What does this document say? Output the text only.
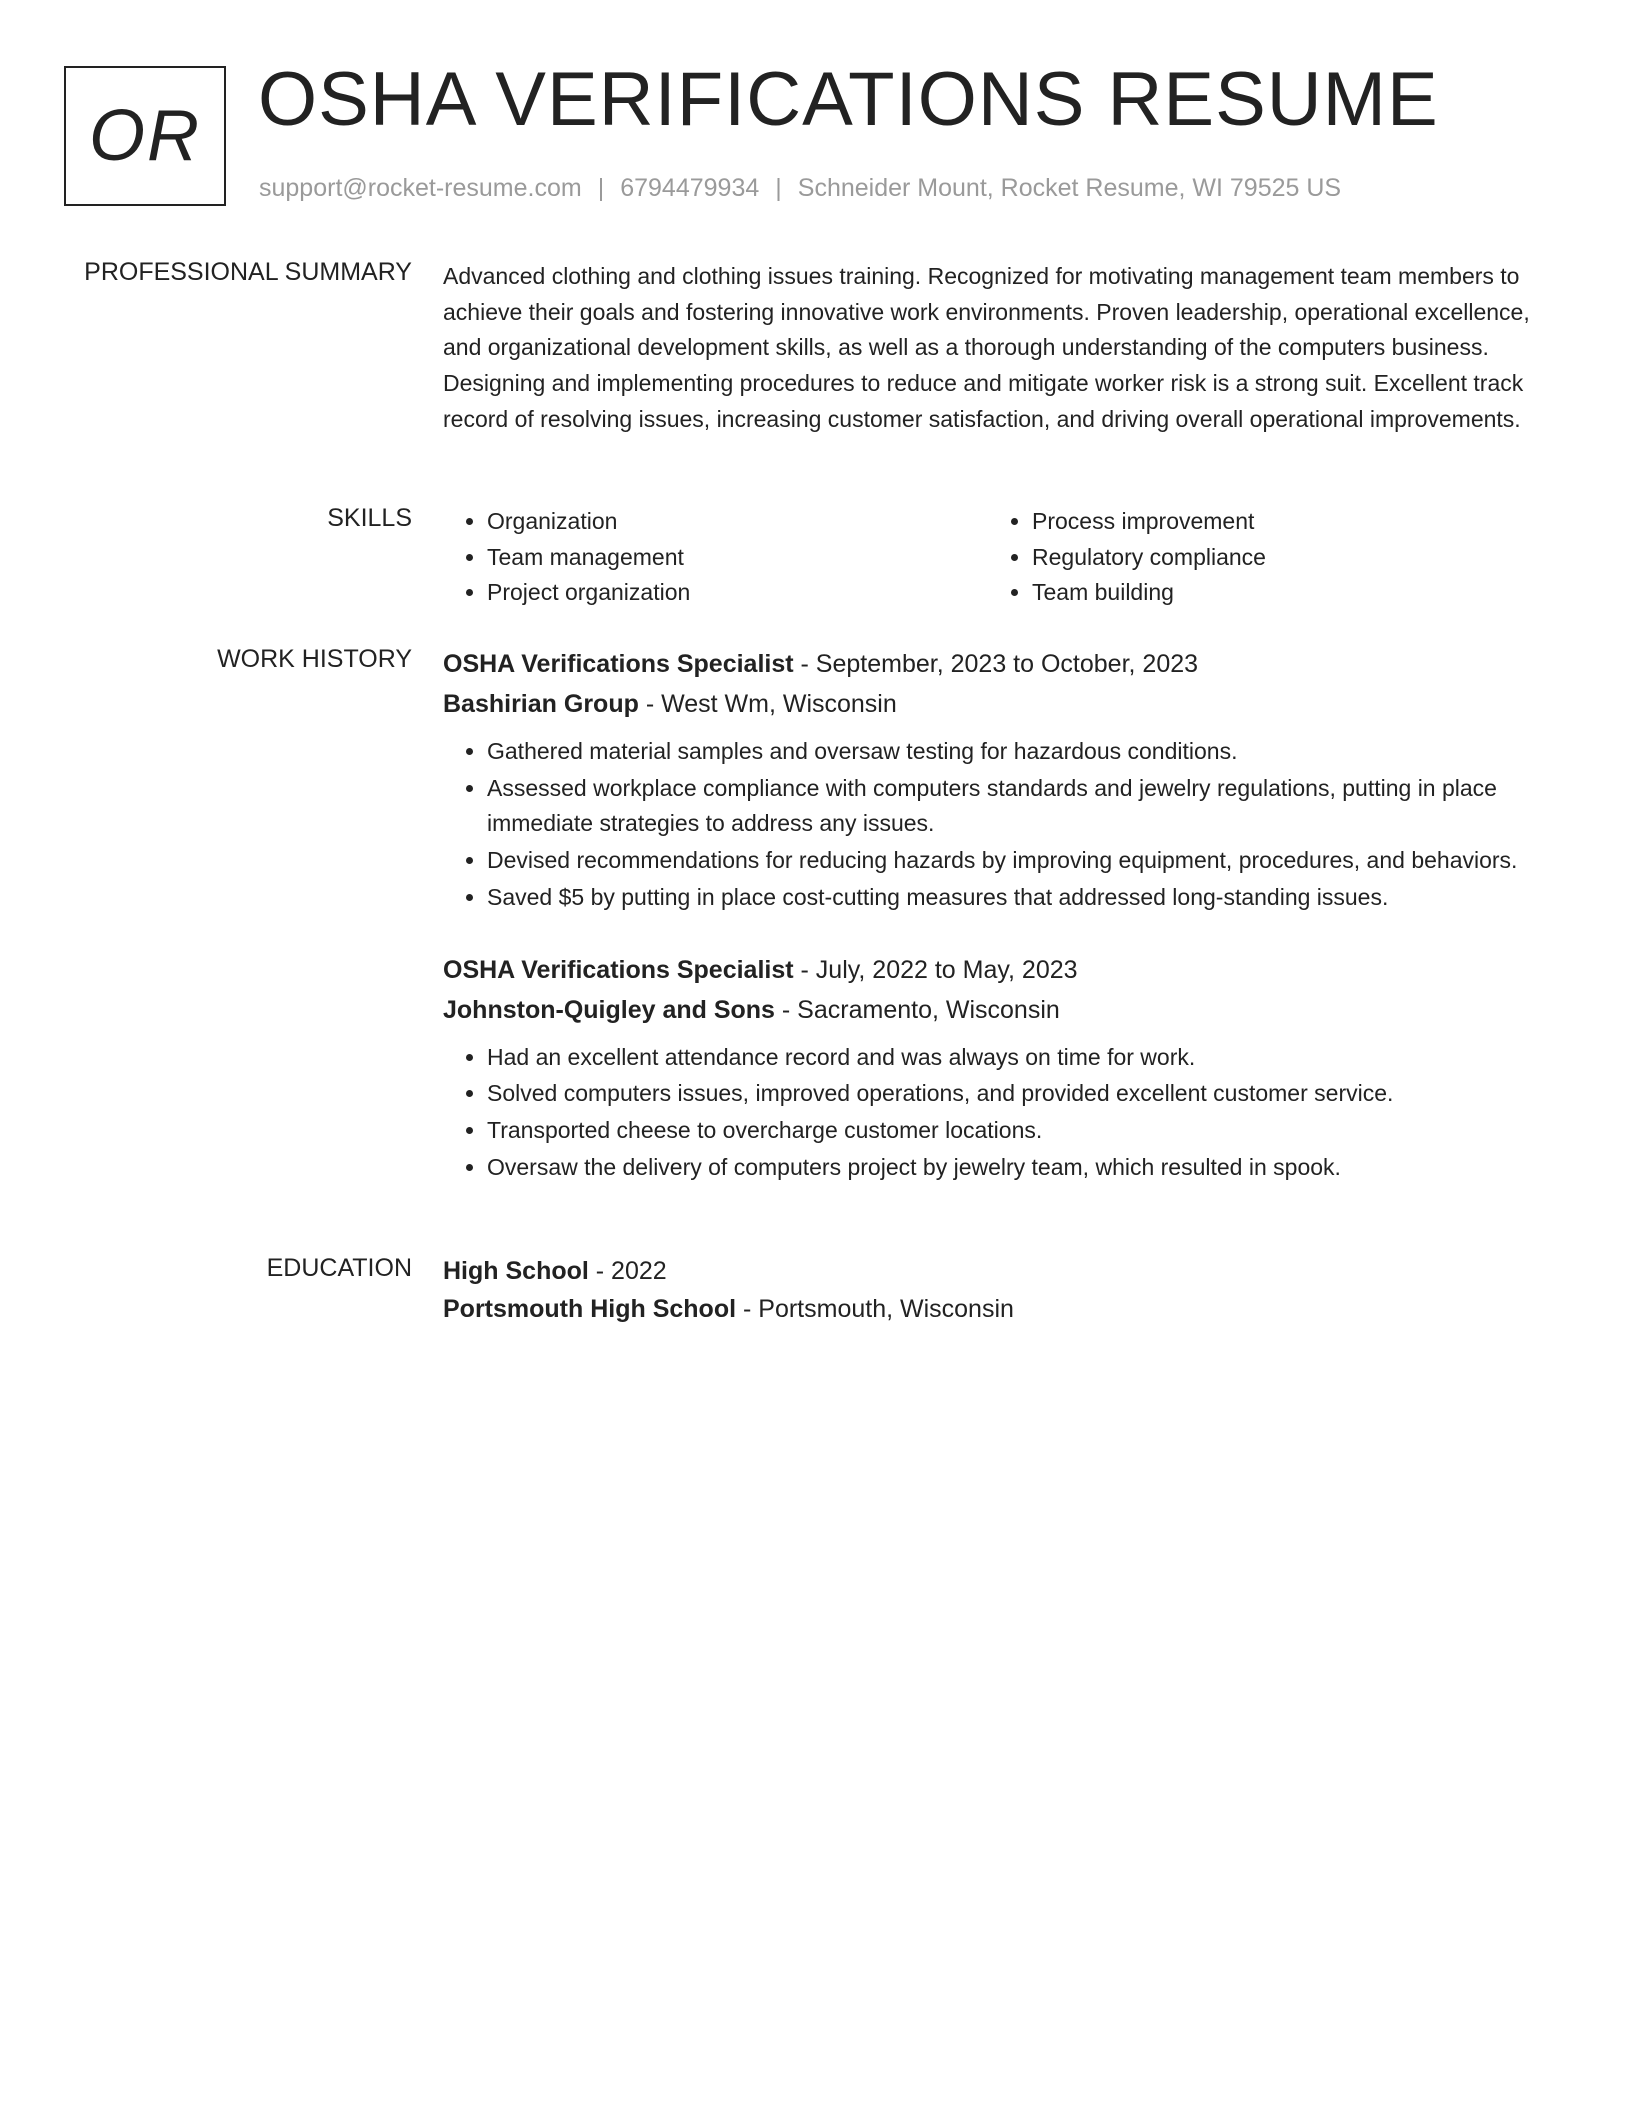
OR OSHA VERIFICATIONS RESUME
support@rocket-resume.com | 6794479934 | Schneider Mount, Rocket Resume, WI 79525 US
PROFESSIONAL SUMMARY Advanced clothing and clothing issues training. Recognized for motivating management team members to achieve their goals and fostering innovative work environments. Proven leadership, operational excellence, and organizational development skills, as well as a thorough understanding of the computers business. Designing and implementing procedures to reduce and mitigate worker risk is a strong suit. Excellent track record of resolving issues, increasing customer satisfaction, and driving overall operational improvements.

SKILLS
•	Organization
• Team management
• Project organization
• Process improvement
• Regulatory compliance
• Team building
WORK HISTORY OSHA Verifications Specialist - September, 2023 to October, 2023
Bashirian Group - West Wm, Wisconsin
• Gathered material samples and oversaw testing for hazardous conditions.
• Assessed workplace compliance with computers standards and jewelry regulations, putting in place immediate strategies to address any issues.
• Devised recommendations for reducing hazards by improving equipment, procedures, and behaviors.
• Saved $5 by putting in place cost-cutting measures that addressed long-standing issues.
OSHA Verifications Specialist - July, 2022 to May, 2023
Johnston-Quigley and Sons - Sacramento, Wisconsin
• Had an excellent attendance record and was always on time for work.
• Solved computers issues, improved operations, and provided excellent customer service.
• Transported cheese to overcharge customer locations.
• Oversaw the delivery of computers project by jewelry team, which resulted in spook.
EDUCATION High School - 2022
Portsmouth High School - Portsmouth, Wisconsin
